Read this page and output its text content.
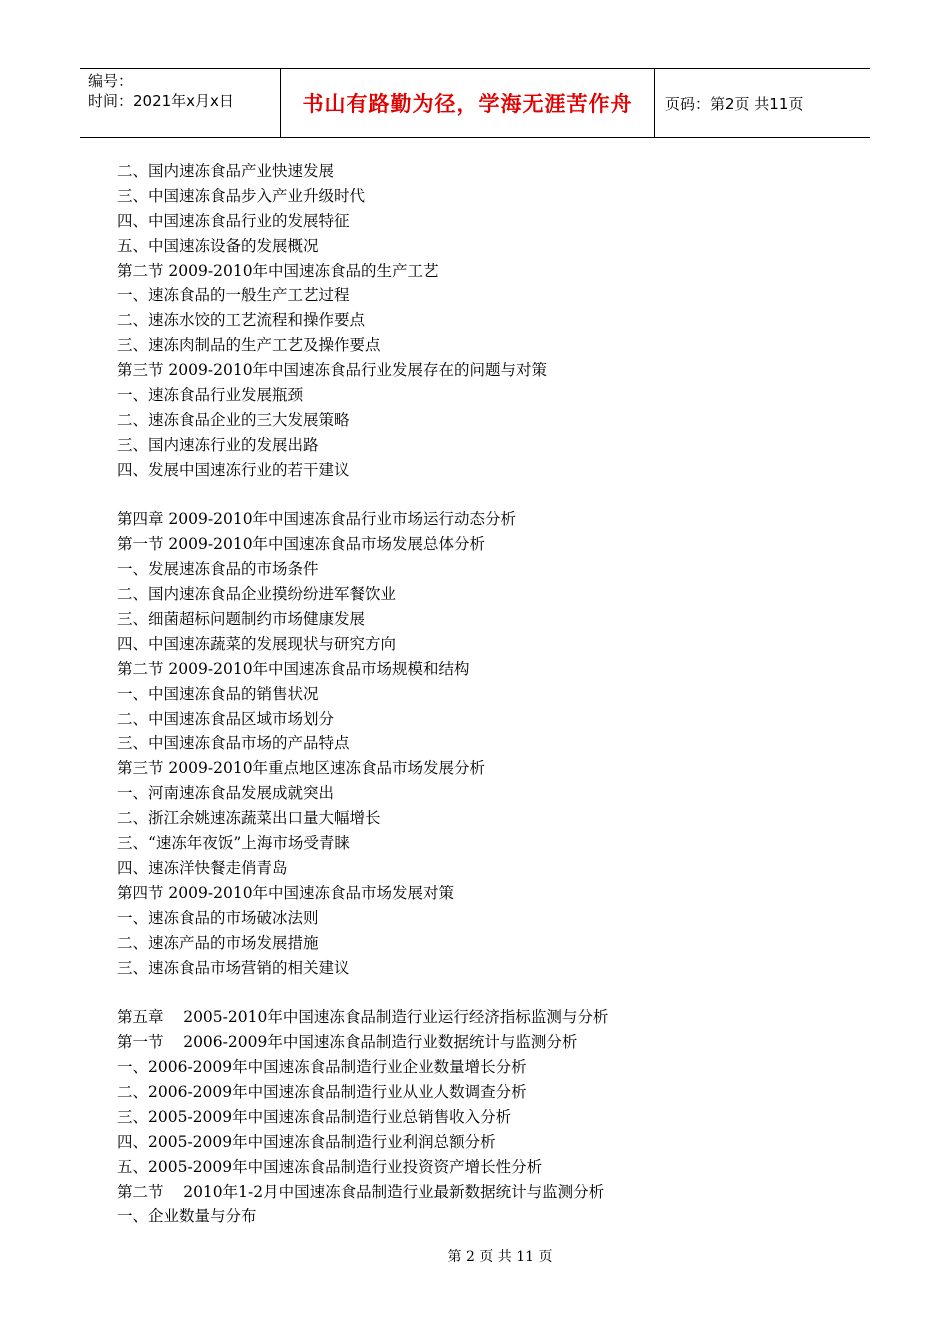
编号：
时间：2021年x月x日	书山有路勤为径，学海无涯苦作舟 页码：第2页 共11页
二、国内速冻食品产业快速发展
三、中国速冻食品步入产业升级时代
四、中国速冻食品行业的发展特征
五、中国速冻设备的发展概况
第二节 2009-2010年中国速冻食品的生产工艺
一、速冻食品的一般生产工艺过程
二、速冻水饺的工艺流程和操作要点
三、速冻肉制品的生产工艺及操作要点
第三节 2009-2010年中国速冻食品行业发展存在的问题与对策
一、速冻食品行业发展瓶颈
二、速冻食品企业的三大发展策略
三、国内速冻行业的发展出路
四、发展中国速冻行业的若干建议
第四章 2009-2010年中国速冻食品行业市场运行动态分析
第一节 2009-2010年中国速冻食品市场发展总体分析
一、发展速冻食品的市场条件
二、国内速冻食品企业摸纷纷进军餐饮业
三、细菌超标问题制约市场健康发展
四、中国速冻蔬菜的发展现状与研究方向
第二节 2009-2010年中国速冻食品市场规模和结构
一、中国速冻食品的销售状况
二、中国速冻食品区域市场划分
三、中国速冻食品市场的产品特点
第三节 2009-2010年重点地区速冻食品市场发展分析
一、河南速冻食品发展成就突出
二、浙江余姚速冻蔬菜出口量大幅增长
三、“速冻年夜饭”上海市场受青睐
四、速冻洋快餐走俏青岛
第四节 2009-2010年中国速冻食品市场发展对策
一、速冻食品的市场破冰法则
二、速冻产品的市场发展措施
三、速冻食品市场营销的相关建议
第五章    2005-2010年中国速冻食品制造行业运行经济指标监测与分析
第一节    2006-2009年中国速冻食品制造行业数据统计与监测分析
一、2006-2009年中国速冻食品制造行业企业数量增长分析
二、2006-2009年中国速冻食品制造行业从业人数调查分析
三、2005-2009年中国速冻食品制造行业总销售收入分析
四、2005-2009年中国速冻食品制造行业利润总额分析
五、2005-2009年中国速冻食品制造行业投资资产增长性分析
第二节    2010年1-2月中国速冻食品制造行业最新数据统计与监测分析
一、企业数量与分布
第 2 页 共 11 页
